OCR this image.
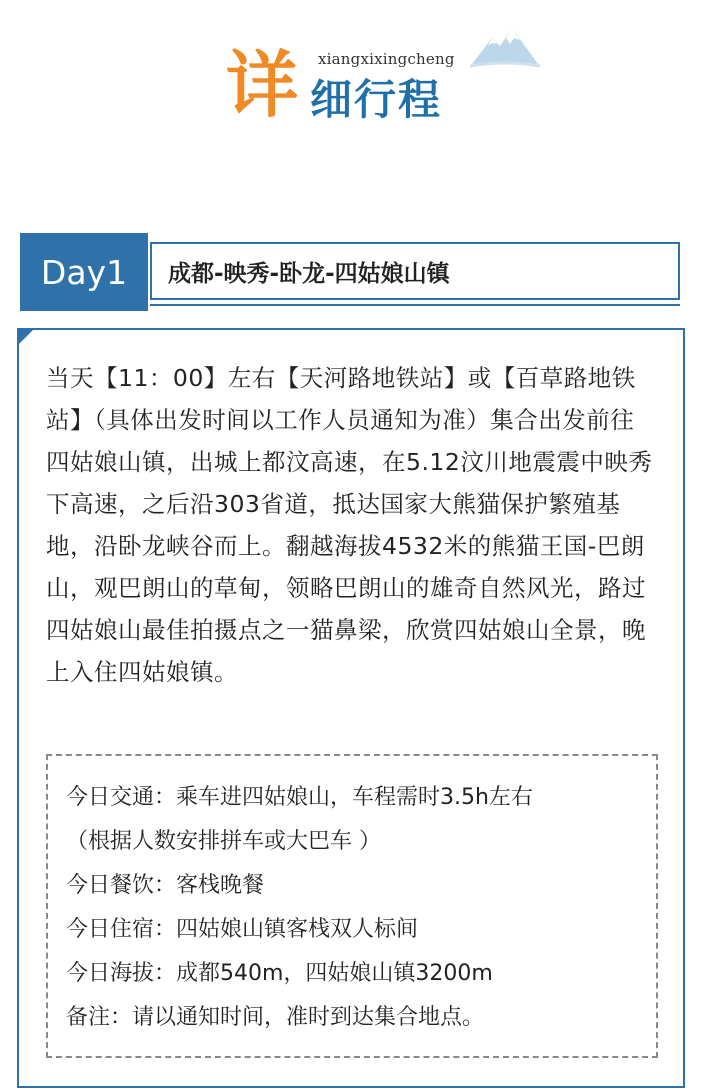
xiangxixingcheng
详 细行程
成都-映秀-卧龙-四姑娘山镇
Day1
当天【11：00】左右【天河路地铁站】或【百草路地铁站】（具体出发时间以工作人员通知为准）集合出发前往四姑娘山镇，出城上都汶高速，在5.12汶川地震震中映秀下高速，之后沿303省道，抵达国家大熊猫保护繁殖基地，沿卧龙峡谷而上。翻越海拔4532米的熊猫王国-巴朗山，观巴朗山的草甸，领略巴朗山的雄奇自然风光，路过四姑娘山最佳拍摄点之一猫鼻梁，欣赏四姑娘山全景，晚上入住四姑娘镇。
今日交通：乘车进四姑娘山，车程需时3.5h左右
（根据人数安排拼车或大巴车 ）
今日餐饮：客栈晚餐
今日住宿：四姑娘山镇客栈双人标间
今日海拔：成都540m，四姑娘山镇3200m
备注：请以通知时间，准时到达集合地点。
